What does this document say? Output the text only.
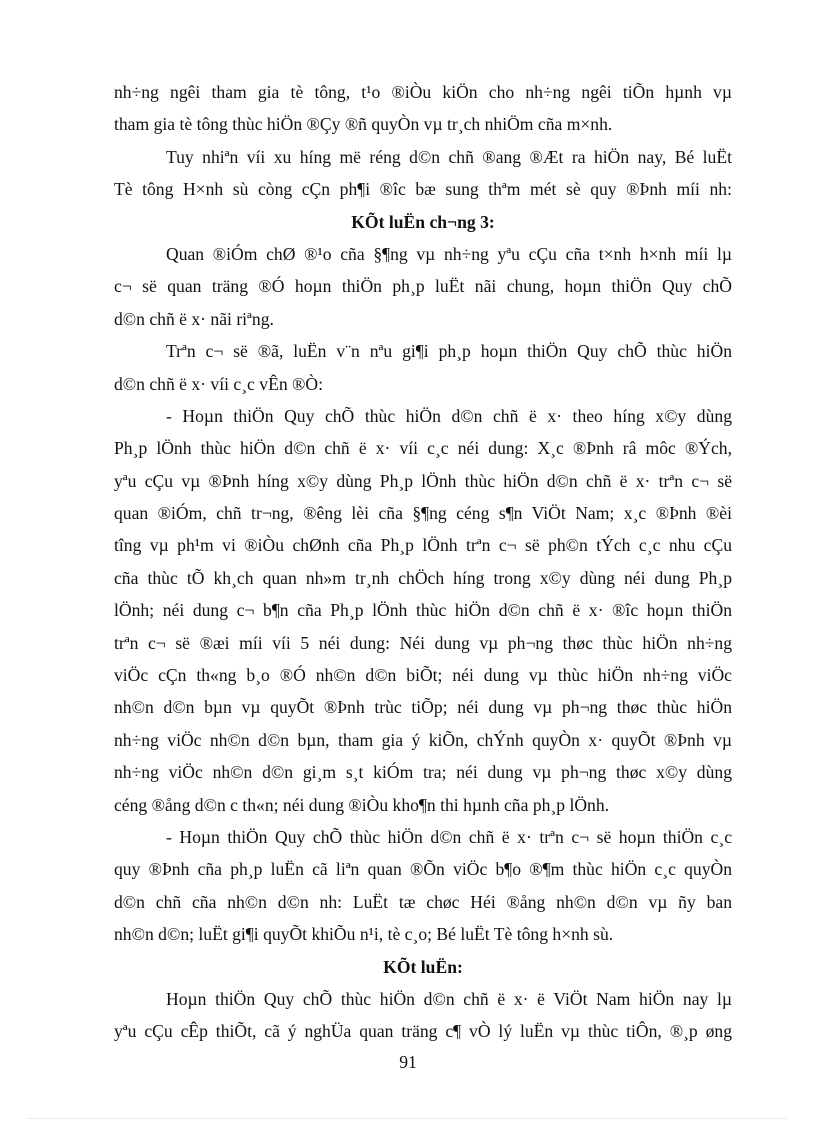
nh÷ng ngêi tham gia tè tông, t¹o ®iÒu kiÖn cho nh÷ng ngêi tiÕn hµnh vµ
tham gia tè tông thùc hiÖn ®Çy ®ñ quyÒn vµ tr¸ch nhiÖm cña m×nh.
Tuy nhiªn víi xu híng më réng d©n chñ ®ang ®Æt ra hiÖn nay, Bé luËt
Tè tông H×nh sù còng cÇn ph¶i ®îc bæ sung thªm mét sè quy ®Þnh míi nh:
KÕt luËn ch¬ng 3:
Quan ®iÓm chØ ®¹o cña §¶ng vµ nh÷ng yªu cÇu cña t×nh h×nh míi lµ
c¬ së quan träng ®Ó hoµn thiÖn ph¸p luËt nãi chung, hoµn thiÖn Quy chÕ
d©n chñ ë x· nãi riªng.
Trªn c¬ së ®ã, luËn v¨n nªu gi¶i ph¸p hoµn thiÖn Quy chÕ thùc hiÖn
d©n chñ ë x· víi c¸c vÊn ®Ò:
- Hoµn thiÖn Quy chÕ thùc hiÖn d©n chñ ë x· theo híng x©y dùng
Ph¸p lÖnh thùc hiÖn d©n chñ ë x· víi c¸c néi dung: X¸c ®Þnh râ môc ®Ých,
yªu cÇu vµ ®Þnh híng x©y dùng Ph¸p lÖnh thùc hiÖn d©n chñ ë x· trªn c¬ së
quan ®iÓm, chñ tr¬ng, ®êng lèi cña §¶ng céng s¶n ViÖt Nam; x¸c ®Þnh ®èi
tîng vµ ph¹m vi ®iÒu chØnh cña Ph¸p lÖnh trªn c¬ së ph©n tÝch c¸c nhu cÇu
cña thùc tÕ kh¸ch quan nh»m tr¸nh chÖch híng trong x©y dùng néi dung Ph¸p
lÖnh; néi dung c¬ b¶n cña Ph¸p lÖnh thùc hiÖn d©n chñ ë x· ®îc hoµn thiÖn
trªn c¬ së ®æi míi víi 5 néi dung: Néi dung vµ ph¬ng thøc thùc hiÖn nh÷ng
viÖc cÇn th«ng b¸o ®Ó nh©n d©n biÕt; néi dung vµ thùc hiÖn nh÷ng viÖc
nh©n d©n bµn vµ quyÕt ®Þnh trùc tiÕp; néi dung vµ ph¬ng thøc thùc hiÖn
nh÷ng viÖc nh©n d©n bµn, tham gia ý kiÕn, chÝnh quyÒn x· quyÕt ®Þnh vµ
nh÷ng viÖc nh©n d©n gi¸m s¸t kiÓm tra; néi dung vµ ph¬ng thøc x©y dùng
céng ®ång d©n c th«n; néi dung ®iÒu kho¶n thi hµnh cña ph¸p lÖnh.
- Hoµn thiÖn Quy chÕ thùc hiÖn d©n chñ ë x· trªn c¬ së hoµn thiÖn c¸c
quy ®Þnh cña ph¸p luËn cã liªn quan ®Õn viÖc b¶o ®¶m thùc hiÖn c¸c quyÒn
d©n chñ cña nh©n d©n nh: LuËt tæ chøc Héi ®ång nh©n d©n vµ ñy ban
nh©n d©n; luËt gi¶i quyÕt khiÕu n¹i, tè c¸o; Bé luËt Tè tông h×nh sù.
KÕt luËn:
Hoµn thiÖn Quy chÕ thùc hiÖn d©n chñ ë x· ë ViÖt Nam hiÖn nay lµ
yªu cÇu cÊp thiÕt, cã ý nghÜa quan träng c¶ vÒ lý luËn vµ thùc tiÔn, ®¸p øng
91
